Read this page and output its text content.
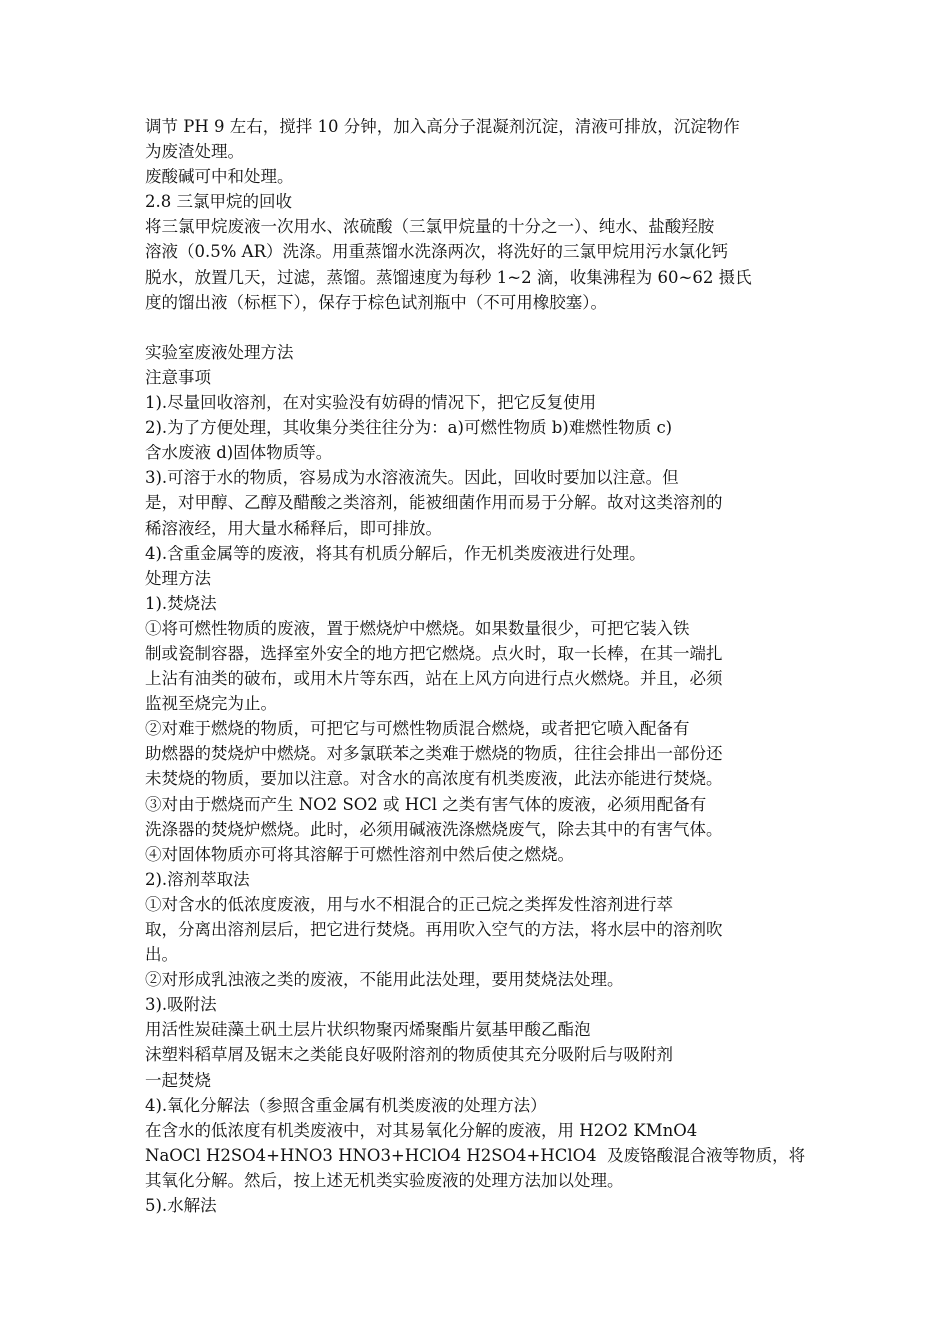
调节 PH 9 左右，搅拌 10 分钟，加入高分子混凝剂沉淀，清液可排放，沉淀物作
为废渣处理。
废酸碱可中和处理。
2.8 三氯甲烷的回收
将三氯甲烷废液一次用水、浓硫酸（三氯甲烷量的十分之一）、纯水、盐酸羟胺
溶液（0.5% AR）洗涤。用重蒸馏水洗涤两次，将洗好的三氯甲烷用污水氯化钙
脱水，放置几天，过滤，蒸馏。蒸馏速度为每秒 1~2 滴，收集沸程为 60~62 摄氏
度的馏出液（标框下），保存于棕色试剂瓶中（不可用橡胶塞）。
实验室废液处理方法
注意事项
1).尽量回收溶剂，在对实验没有妨碍的情况下，把它反复使用
2).为了方便处理，其收集分类往往分为：a)可燃性物质 b)难燃性物质 c)
含水废液 d)固体物质等。
3).可溶于水的物质，容易成为水溶液流失。因此，回收时要加以注意。但
是，对甲醇、乙醇及醋酸之类溶剂，能被细菌作用而易于分解。故对这类溶剂的
稀溶液经，用大量水稀释后，即可排放。
4).含重金属等的废液，将其有机质分解后，作无机类废液进行处理。
处理方法
1).焚烧法
①将可燃性物质的废液，置于燃烧炉中燃烧。如果数量很少，可把它装入铁
制或瓷制容器，选择室外安全的地方把它燃烧。点火时，取一长棒，在其一端扎
上沾有油类的破布，或用木片等东西，站在上风方向进行点火燃烧。并且，必须
监视至烧完为止。
②对难于燃烧的物质，可把它与可燃性物质混合燃烧，或者把它喷入配备有
助燃器的焚烧炉中燃烧。对多氯联苯之类难于燃烧的物质，往往会排出一部份还
未焚烧的物质，要加以注意。对含水的高浓度有机类废液，此法亦能进行焚烧。
③对由于燃烧而产生 NO2 SO2 或 HCl 之类有害气体的废液，必须用配备有
洗涤器的焚烧炉燃烧。此时，必须用碱液洗涤燃烧废气，除去其中的有害气体。
④对固体物质亦可将其溶解于可燃性溶剂中然后使之燃烧。
2).溶剂萃取法
①对含水的低浓度废液，用与水不相混合的正己烷之类挥发性溶剂进行萃
取，分离出溶剂层后，把它进行焚烧。再用吹入空气的方法，将水层中的溶剂吹
出。
②对形成乳浊液之类的废液，不能用此法处理，要用焚烧法处理。
3).吸附法
用活性炭硅藻土矾土层片状织物聚丙烯聚酯片氨基甲酸乙酯泡
沫塑料稻草屑及锯末之类能良好吸附溶剂的物质使其充分吸附后与吸附剂
一起焚烧
4).氧化分解法（参照含重金属有机类废液的处理方法）
在含水的低浓度有机类废液中，对其易氧化分解的废液，用 H2O2 KMnO4
NaOCl H2SO4+HNO3 HNO3+HClO4 H2SO4+HClO4  及废铬酸混合液等物质，将
其氧化分解。然后，按上述无机类实验废液的处理方法加以处理。
5).水解法
